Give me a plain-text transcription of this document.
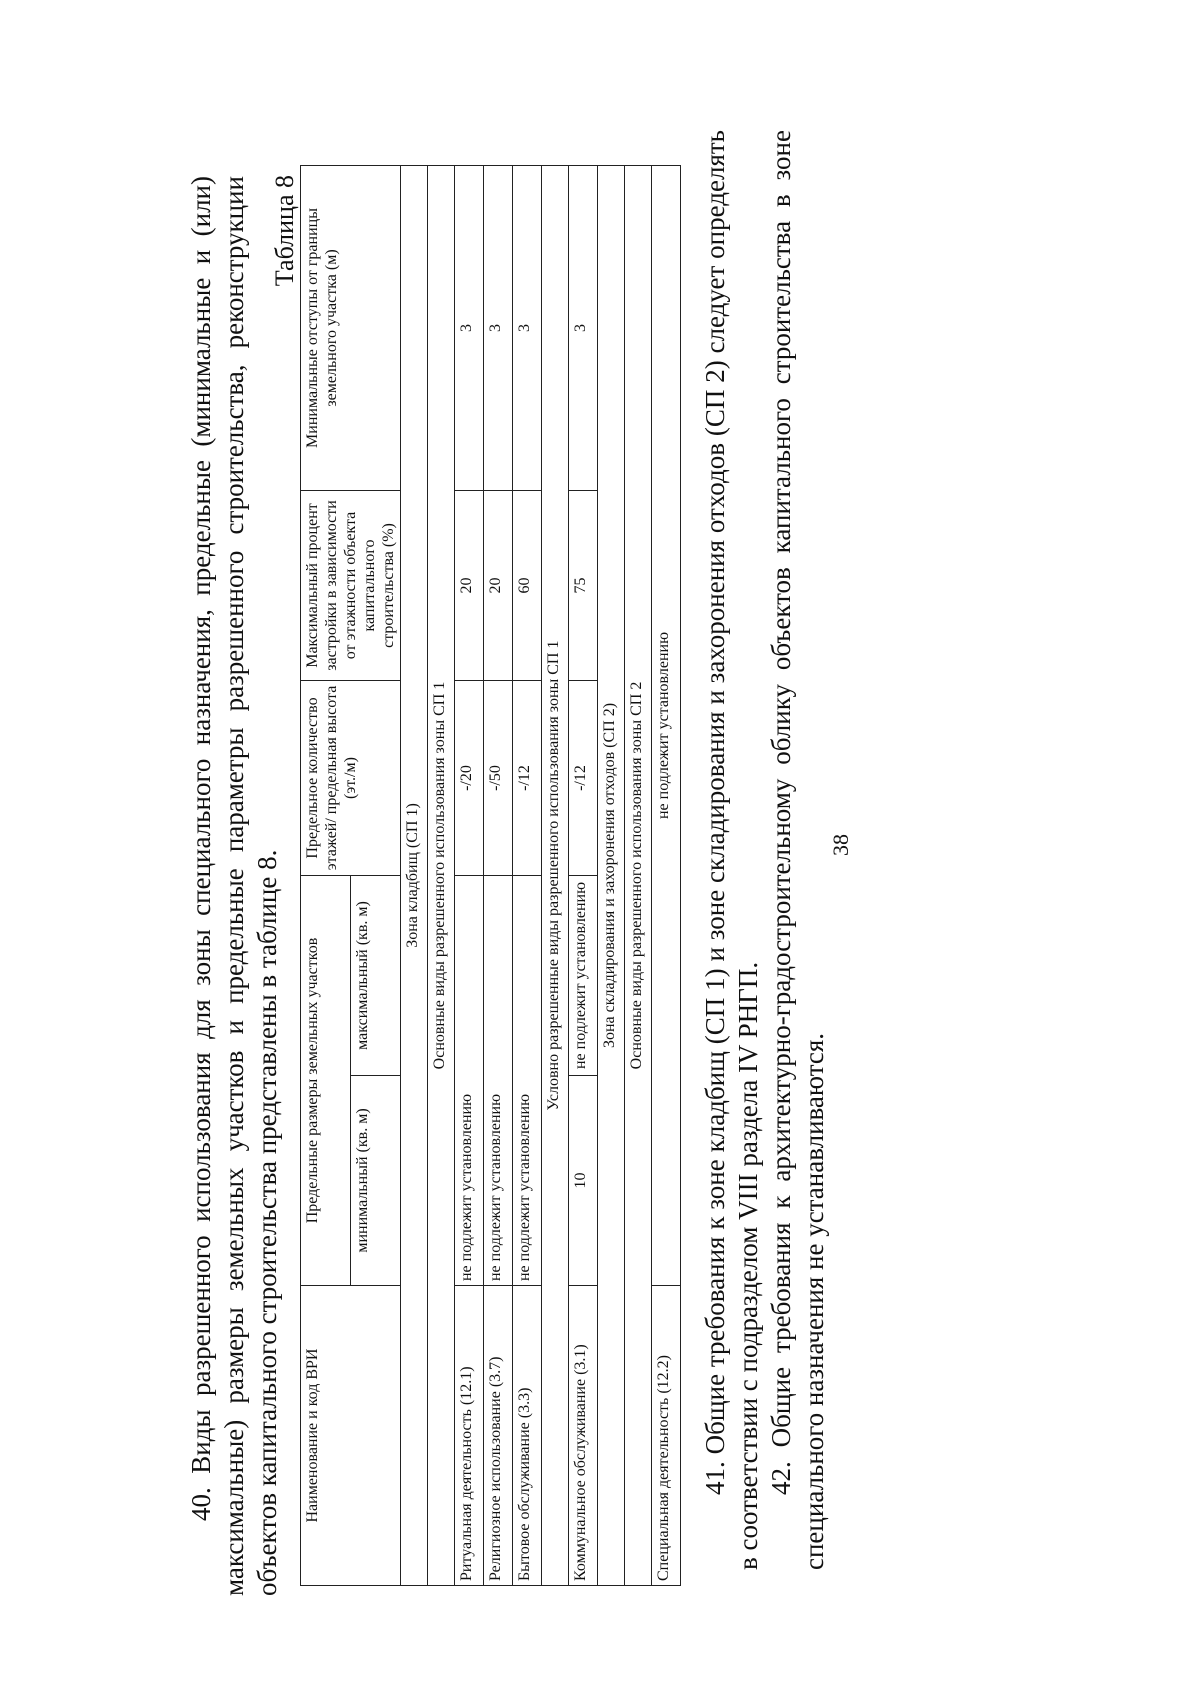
38
40. Виды разрешенного использования для зоны специального назначения, предельные (минимальные и (или) максимальные) размеры земельных участков и предельные параметры разрешенного строительства, реконструкции объектов капитального строительства представлены в таблице 8.
Таблица 8
Наименование и код ВРИ	Предельные размеры земельных участков		Предельное количество этажей/ предельная высота (эт./м)	Максимальный процент застройки в зависимости от этажности объекта капитального строительства (%)	Минимальные отступы от границы земельного участка (м)
	минимальный (кв. м)	максимальный (кв. м)			
Зона кладбищ (СП 1)					
Основные виды разрешенного использования зоны СП 1					
Ритуальная деятельность (12.1)	не подлежит установлению		-/20	20	3
Религиозное использование (3.7)	не подлежит установлению		-/50	20	3
Бытовое обслуживание (3.3)	не подлежит установлению		-/12	60	3
Условно разрешенные виды разрешенного использования зоны СП 1					
Коммунальное обслуживание (3.1)	10	не подлежит установлению	-/12	75	3
Зона складирования и захоронения отходов (СП 2)					
Основные виды разрешенного использования зоны СП 2					
Специальная деятельность (12.2)	не подлежит установлению				41. Общие требования к зоне кладбищ (СП 1) и зоне складирования и захоронения отходов (СП 2) следует определять в соответствии с подразделом VIII раздела IV РНГП. 42. Общие требования к архитектурно-градостроительному облику объектов капитального строительства в зоне специального назначения не устанавливаются.
